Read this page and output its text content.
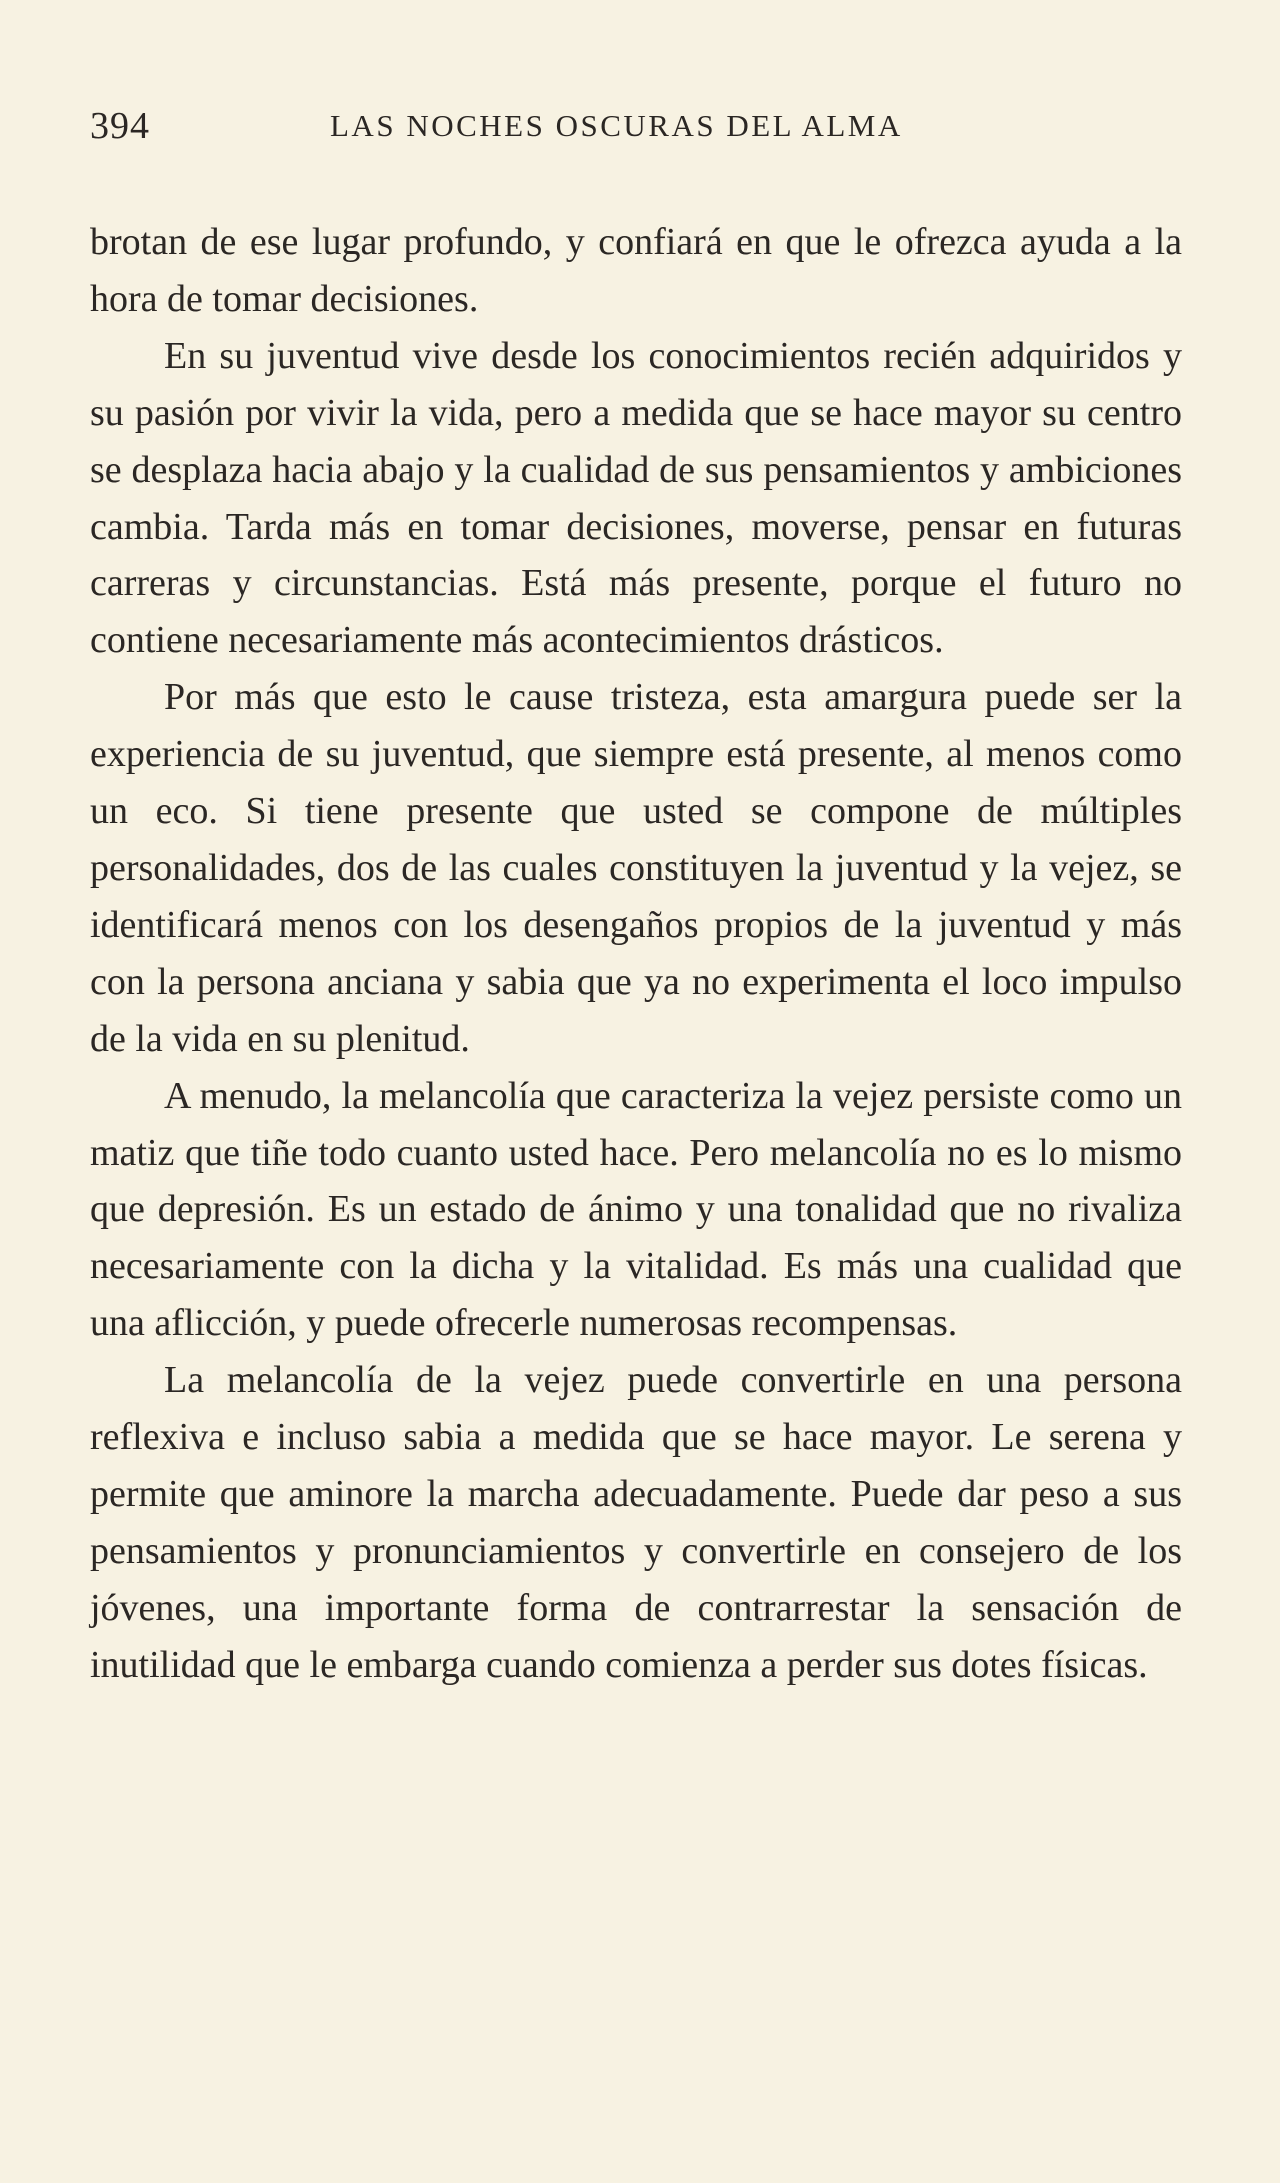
394	LAS NOCHES OSCURAS DEL ALMA

brotan de ese lugar profundo, y confiará en que le ofrezca ayuda a la hora de tomar decisiones.

En su juventud vive desde los conocimientos recién adquiridos y su pasión por vivir la vida, pero a medida que se hace mayor su centro se desplaza hacia abajo y la cualidad de sus pensamientos y ambiciones cambia. Tarda más en tomar decisiones, moverse, pensar en futuras carreras y circunstancias. Está más presente, porque el futuro no contiene necesariamente más acontecimientos drásticos.

Por más que esto le cause tristeza, esta amargura puede ser la experiencia de su juventud, que siempre está presente, al menos como un eco. Si tiene presente que usted se compone de múltiples personalidades, dos de las cuales constituyen la juventud y la vejez, se identificará menos con los desengaños propios de la juventud y más con la persona anciana y sabia que ya no experimenta el loco impulso de la vida en su plenitud.

A menudo, la melancolía que caracteriza la vejez persiste como un matiz que tiñe todo cuanto usted hace. Pero melancolía no es lo mismo que depresión. Es un estado de ánimo y una tonalidad que no rivaliza necesariamente con la dicha y la vitalidad. Es más una cualidad que una aflicción, y puede ofrecerle numerosas recompensas.

La melancolía de la vejez puede convertirle en una persona reflexiva e incluso sabia a medida que se hace mayor. Le serena y permite que aminore la marcha adecuadamente. Puede dar peso a sus pensamientos y pronunciamientos y convertirle en consejero de los jóvenes, una importante forma de contrarrestar la sensación de inutilidad que le embarga cuando comienza a perder sus dotes físicas.
